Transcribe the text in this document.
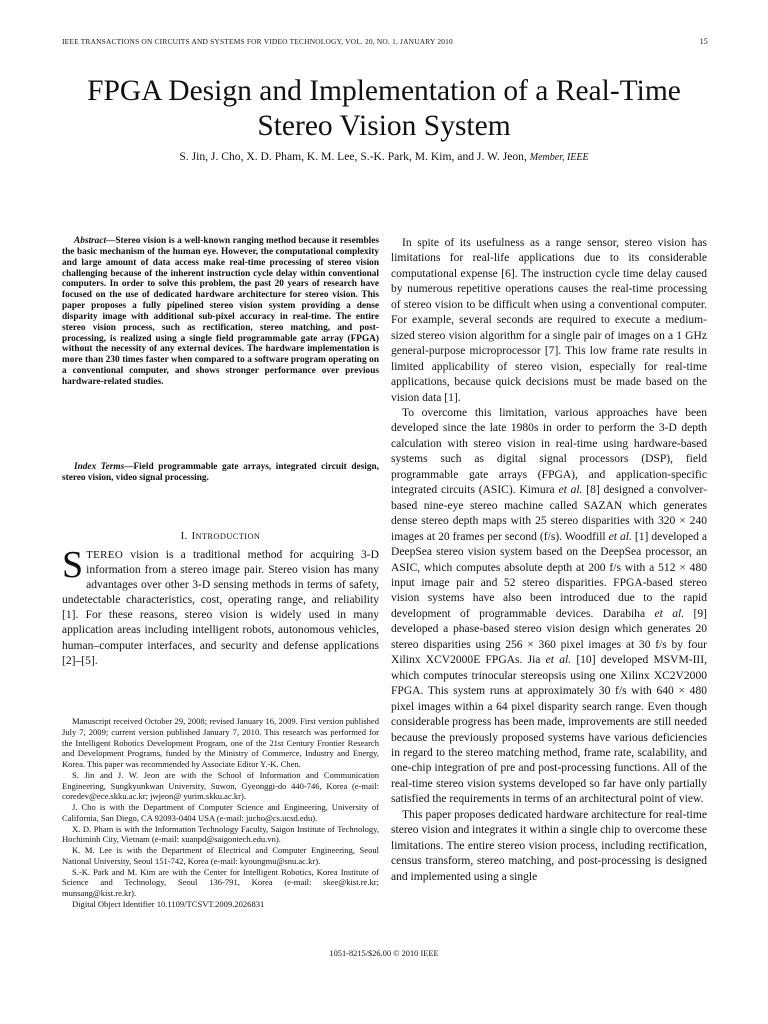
IEEE TRANSACTIONS ON CIRCUITS AND SYSTEMS FOR VIDEO TECHNOLOGY, VOL. 20, NO. 1, JANUARY 2010	15
FPGA Design and Implementation of a Real-Time
Stereo Vision System
S. Jin, J. Cho, X. D. Pham, K. M. Lee, S.-K. Park, M. Kim, and J. W. Jeon, Member, IEEE
Abstract—Stereo vision is a well-known ranging method because it resembles the basic mechanism of the human eye. However, the computational complexity and large amount of data access make real-time processing of stereo vision challenging because of the inherent instruction cycle delay within conventional computers. In order to solve this problem, the past 20 years of research have focused on the use of dedicated hardware architecture for stereo vision. This paper proposes a fully pipelined stereo vision system providing a dense disparity image with additional sub-pixel accuracy in real-time. The entire stereo vision process, such as rectification, stereo matching, and post-processing, is realized using a single field programmable gate array (FPGA) without the necessity of any external devices. The hardware implementation is more than 230 times faster when compared to a software program operating on a conventional computer, and shows stronger performance over previous hardware-related studies.
Index Terms—Field programmable gate arrays, integrated circuit design, stereo vision, video signal processing.
I. INTRODUCTION
STEREO vision is a traditional method for acquiring 3-D information from a stereo image pair. Stereo vision has many advantages over other 3-D sensing methods in terms of safety, undetectable characteristics, cost, operating range, and reliability [1]. For these reasons, stereo vision is widely used in many application areas including intelligent robots, autonomous vehicles, human–computer interfaces, and security and defense applications [2]–[5].

Manuscript received October 29, 2008; revised January 16, 2009. First version published July 7, 2009; current version published January 7, 2010. This research was performed for the Intelligent Robotics Development Program, one of the 21st Century Frontier Research and Development Programs, funded by the Ministry of Commerce, Industry and Energy, Korea. This paper was recommended by Associate Editor Y.-K. Chen.

S. Jin and J. W. Jeon are with the School of Information and Communication Engineering, Sungkyunkwan University, Suwon, Gyeonggi-do 440-746, Korea (e-mail: coredev@ece.skku.ac.kr; jwjeon@ yurim.skku.ac.kr).

J. Cho is with the Department of Computer Science and Engineering, University of California, San Diego, CA 92093-0404 USA (e-mail: jucho@cs.ucsd.edu).

X. D. Pham is with the Information Technology Faculty, Saigon Institute of Technology, Hochiminh City, Vietnam (e-mail: xuanpd@saigontech.edu.vn).

K. M. Lee is with the Department of Electrical and Computer Engineering, Seoul National University, Seoul 151-742, Korea (e-mail: kyoungmu@snu.ac.kr).

S.-K. Park and M. Kim are with the Center for Intelligent Robotics, Korea Institute of Science and Technology, Seoul 136-791, Korea (e-mail: skee@kist.re.kr; munsang@kist.re.kr).

Digital Object Identifier 10.1109/TCSVT.2009.2026831

In spite of its usefulness as a range sensor, stereo vision has limitations for real-life applications due to its considerable computational expense [6]. The instruction cycle time delay caused by numerous repetitive operations causes the real-time processing of stereo vision to be difficult when using a conventional computer. For example, several seconds are required to execute a medium-sized stereo vision algorithm for a single pair of images on a 1 GHz general-purpose microprocessor [7]. This low frame rate results in limited applicability of stereo vision, especially for real-time applications, because quick decisions must be made based on the vision data [1].

To overcome this limitation, various approaches have been developed since the late 1980s in order to perform the 3-D depth calculation with stereo vision in real-time using hardware-based systems such as digital signal processors (DSP), field programmable gate arrays (FPGA), and application-specific integrated circuits (ASIC). Kimura et al. [8] designed a convolver-based nine-eye stereo machine called SAZAN which generates dense stereo depth maps with 25 stereo disparities with 320 × 240 images at 20 frames per second (f/s). Woodfill et al. [1] developed a DeepSea stereo vision system based on the DeepSea processor, an ASIC, which computes absolute depth at 200 f/s with a 512 × 480 input image pair and 52 stereo disparities. FPGA-based stereo vision systems have also been introduced due to the rapid development of programmable devices. Darabiha et al. [9] developed a phase-based stereo vision design which generates 20 stereo disparities using 256 × 360 pixel images at 30 f/s by four Xilinx XCV2000E FPGAs. Jia et al. [10] developed MSVM-III, which computes trinocular stereopsis using one Xilinx XC2V2000 FPGA. This system runs at approximately 30 f/s with 640 × 480 pixel images within a 64 pixel disparity search range. Even though considerable progress has been made, improvements are still needed because the previously proposed systems have various deficiencies in regard to the stereo matching method, frame rate, scalability, and one-chip integration of pre and post-processing functions. All of the real-time stereo vision systems developed so far have only partially satisfied the requirements in terms of an architectural point of view.

This paper proposes dedicated hardware architecture for real-time stereo vision and integrates it within a single chip to overcome these limitations. The entire stereo vision process, including rectification, census transform, stereo matching, and post-processing is designed and implemented using a single

1051-8215/$26.00 © 2010 IEEE
